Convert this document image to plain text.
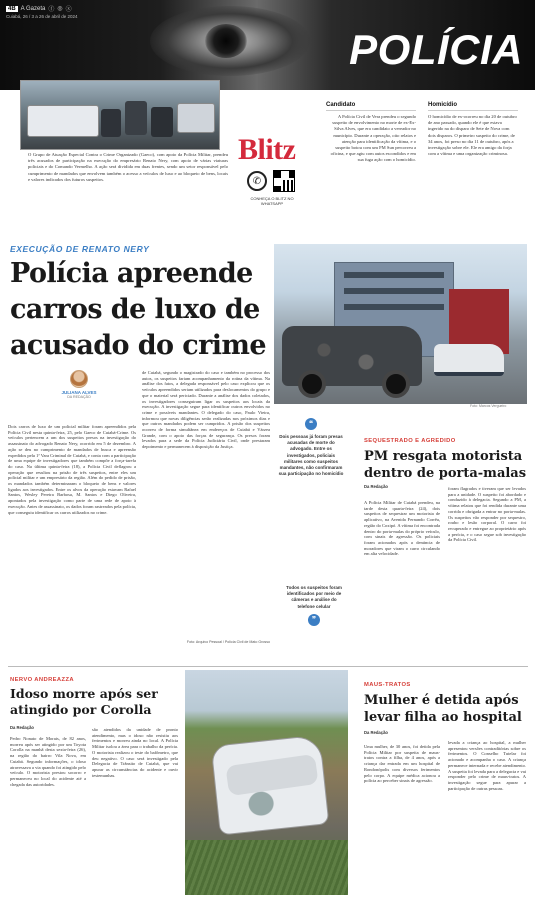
4B A Gazeta ⓕ ◎ ⓧ
Cuiabá, 26 / 3 a 26 de abril de 2024
POLÍCIA
O Grupo de Atuação Especial Contra o Crime Organizado (Gaeco), com apoio da Polícia Militar, prendeu três acusados de participação na execução do empresário Renato Nery, com apoio de várias viaturas policiais e do Comando Vermelho. A ação será dividida em duas frentes, sendo um setor responsável pelo cumprimento de mandados que envolvem também o acesso a veículos de luxo e ao bloqueio de bens, locais e valores indicados dos futuros suspeitos.
Blitz
✆
CONHEÇA O BLITZ NO WHATSAPP
Candidato

A Polícia Civil de Vera prendeu o segundo suspeito de envolvimento no morte de ex-Ex-Silva Alves, que era candidato a vereador no município. Durante a operação, oito relatos e atenção para identificação da vítima, e o suspeito botou com um FM Sun percorreu a oficina, e que agiu com autos escondidos e em sua fuga ação com o homicídio.

Homicídio

O homicídio de ex-ocorreu no dia 20 de outubro de ano passado, quando ele é que estava ingerido na do disparo de Sete de Nova com dois disparos. O primeiro suspeito do crime, de 34 anos, foi preso no dia 11 de outubro, após a investigação sobre ele. Ele era amigo da forja com a vítima e uma organização criminosa.

EXECUÇÃO DE RENATO NERY
Polícia apreende carros de luxo de acusado do crime
Foto: Marcos Vergueiro
JULIANA ALVES
DA REDAÇÃO
Dois carros de luxo de um policial militar foram apreendidos pela Polícia Civil nesta quinta-feira, 25, pelo Gaeco de Cuiabá-Crime. Os veículos pertencem a um dos suspeitos presos na investigação do assassinato do advogado Renato Nery, ocorrido em 5 de dezembro. A ação se deu no cumprimento de mandados de busca e apreensão expedidos pela 1ª Vara Criminal de Cuiabá, e conta com a participação de uma equipe de investigadores que também compõe a força-tarefa do caso. Na última quinta-feira (18), a Polícia Civil deflagrou a operação que resultou na prisão de três suspeitos, entre eles um policial militar e um empresário da região. Além do pedido de prisão, os mandados também determinaram o bloqueio de bens e valores ligados aos investigados. Entre os alvos da operação estavam Rafael Santos, Wesley Pereira Barbosa, M. Santos e Diego Oliveira, apontados pela investigação como parte de uma rede de apoio à execução. Antes de assassinato, os dados foram rastreados pela polícia, que conseguiu identificar os carros utilizados no crime.
de Cuiabá, segundo o magistrado do caso e também no processo dos autos, os suspeitos fariam acompanhamento da rotina da vítima. Na análise dos fatos, a delegada responsável pelo caso explicou que os veículos apreendidos seriam utilizados para deslocamentos do grupo e que o material será periciado. Durante a análise dos dados coletados, os investigadores conseguiram ligar os suspeitos aos locais da execução. A investigação segue para identificar outros envolvidos no crime e possíveis mandantes. O delegado do caso, Paulo Vieira, informou que novas diligências serão realizadas nos próximos dias e que outros mandados podem ser cumpridos. A prisão dos suspeitos ocorreu de forma simultânea em endereços de Cuiabá e Várzea Grande, com o apoio das forças de segurança. Os presos foram levados para a sede da Polícia Judiciária Civil, onde prestaram depoimento e permanecem à disposição da Justiça.
Foto: Arquivo Pessoal / Polícia Civil de Mato Grosso
❝
Dois pessoas já foram presas acusadas de morte do advogado. Entre os investigados, policiais militares como suspeitos mandantes, não confirmaram sua participação no homicídio
Todos os suspeitos foram identificados por meio de câmeras e análise do telefone celular
❞
SEQUESTRADO E AGREDIDO
PM resgata motorista dentro de porta-malas
Da Redação
A Polícia Militar de Cuiabá prendeu, na tarde desta quarta-feira (24), dois suspeitos de sequestrar um motorista de aplicativo, na Avenida Fernando Corrêa, região do Coxipó. A vítima foi encontrada dentro do porta-malas do próprio veículo, com sinais de agressão. Os policiais foram acionados após a denúncia de moradores que viram o carro circulando em alta velocidade.
foram flagrados e tiveram que ser levados para a unidade. O suspeito foi abordado e conduzido à delegacia. Segundo a PM, a vítima relatou que foi rendida durante uma corrida e obrigada a entrar no porta-malas. Os suspeitos vão responder por sequestro, roubo e lesão corporal. O carro foi recuperado e entregue ao proprietário após a perícia, e o caso segue sob investigação da Polícia Civil.
NERVO ANDREAZZA
Idoso morre após ser atingido por Corolla
Da Redação
Pedro Nonato de Morais, de 82 anos, morreu após ser atingido por um Toyota Corolla na manhã desta sexta-feira (26), na região do bairro Vila Nova, em Cuiabá. Segundo informações, o idoso atravessava a via quando foi atingido pelo veículo. O motorista prestou socorro e permaneceu no local do acidente até a chegada das autoridades.
são atendidos da unidade de pronto atendimento, mas o idoso não resistiu aos ferimentos e morreu ainda no local. A Polícia Militar isolou a área para o trabalho da perícia. O motorista realizou o teste do bafômetro, que deu negativo. O caso será investigado pela Delegacia de Trânsito de Cuiabá, que vai apurar as circunstâncias do acidente e ouvir testemunhas.
MAUS-TRATOS
Mulher é detida após levar filha ao hospital
Da Redação
Uma mulher, de 30 anos, foi detida pela Polícia Militar por suspeita de maus-tratos contra a filha, de 4 anos, após a criança dar entrada em um hospital de Rondonópolis com diversos ferimentos pelo corpo. A equipe médica acionou a polícia ao perceber sinais de agressão.
levada a criança ao hospital, a mulher apresentou versões contraditórias sobre os ferimentos. O Conselho Tutelar foi acionado e acompanha o caso. A criança permanece internada e recebe atendimento. A suspeita foi levada para a delegacia e vai responder pelo crime de maus-tratos. A investigação segue para apurar a participação de outras pessoas.
